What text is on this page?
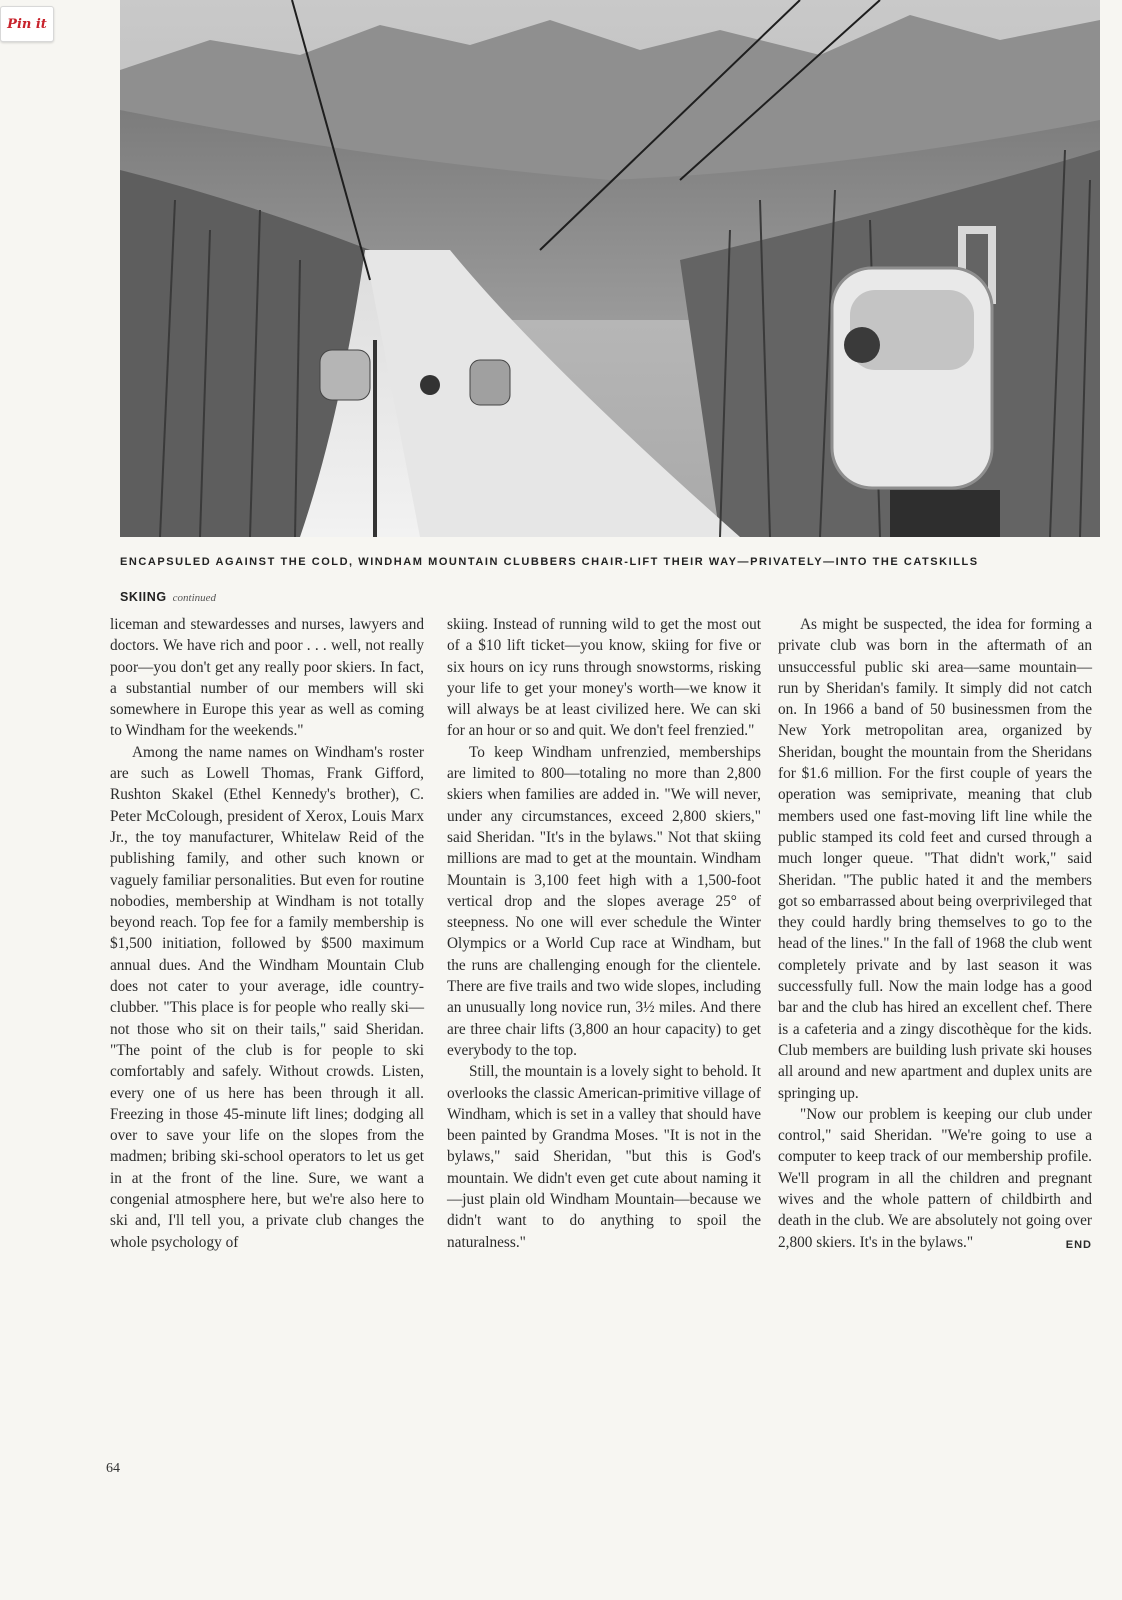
Pin it
ENCAPSULED AGAINST THE COLD, WINDHAM MOUNTAIN CLUBBERS CHAIR-LIFT THEIR WAY—PRIVATELY—INTO THE CATSKILLS
SKIING continued

liceman and stewardesses and nurses, lawyers and doctors. We have rich and poor . . . well, not really poor—you don't get any really poor skiers. In fact, a substantial number of our members will ski somewhere in Europe this year as well as coming to Windham for the weekends."

Among the name names on Windham's roster are such as Lowell Thomas, Frank Gifford, Rushton Skakel (Ethel Kennedy's brother), C. Peter McColough, president of Xerox, Louis Marx Jr., the toy manufacturer, Whitelaw Reid of the publishing family, and other such known or vaguely familiar personalities. But even for routine nobodies, membership at Windham is not totally beyond reach. Top fee for a family membership is $1,500 initiation, followed by $500 maximum annual dues. And the Windham Mountain Club does not cater to your average, idle country-clubber. "This place is for people who really ski—not those who sit on their tails," said Sheridan. "The point of the club is for people to ski comfortably and safely. Without crowds. Listen, every one of us here has been through it all. Freezing in those 45-minute lift lines; dodging all over to save your life on the slopes from the madmen; bribing ski-school operators to let us get in at the front of the line. Sure, we want a congenial atmosphere here, but we're also here to ski and, I'll tell you, a private club changes the whole psychology of

skiing. Instead of running wild to get the most out of a $10 lift ticket—you know, skiing for five or six hours on icy runs through snowstorms, risking your life to get your money's worth—we know it will always be at least civilized here. We can ski for an hour or so and quit. We don't feel frenzied."

To keep Windham unfrenzied, memberships are limited to 800—totaling no more than 2,800 skiers when families are added in. "We will never, under any circumstances, exceed 2,800 skiers," said Sheridan. "It's in the bylaws." Not that skiing millions are mad to get at the mountain. Windham Mountain is 3,100 feet high with a 1,500-foot vertical drop and the slopes average 25° of steepness. No one will ever schedule the Winter Olympics or a World Cup race at Windham, but the runs are challenging enough for the clientele. There are five trails and two wide slopes, including an unusually long novice run, 3½ miles. And there are three chair lifts (3,800 an hour capacity) to get everybody to the top.

Still, the mountain is a lovely sight to behold. It overlooks the classic American-primitive village of Windham, which is set in a valley that should have been painted by Grandma Moses. "It is not in the bylaws," said Sheridan, "but this is God's mountain. We didn't even get cute about naming it—just plain old Windham Mountain—because we didn't want to do anything to spoil the naturalness."

As might be suspected, the idea for forming a private club was born in the aftermath of an unsuccessful public ski area—same mountain—run by Sheridan's family. It simply did not catch on. In 1966 a band of 50 businessmen from the New York metropolitan area, organized by Sheridan, bought the mountain from the Sheridans for $1.6 million. For the first couple of years the operation was semiprivate, meaning that club members used one fast-moving lift line while the public stamped its cold feet and cursed through a much longer queue. "That didn't work," said Sheridan. "The public hated it and the members got so embarrassed about being overprivileged that they could hardly bring themselves to go to the head of the lines." In the fall of 1968 the club went completely private and by last season it was successfully full. Now the main lodge has a good bar and the club has hired an excellent chef. There is a cafeteria and a zingy discothèque for the kids. Club members are building lush private ski houses all around and new apartment and duplex units are springing up.

"Now our problem is keeping our club under control," said Sheridan. "We're going to use a computer to keep track of our membership profile. We'll program in all the children and pregnant wives and the whole pattern of childbirth and death in the club. We are absolutely not going over 2,800 skiers. It's in the bylaws."	END

64
